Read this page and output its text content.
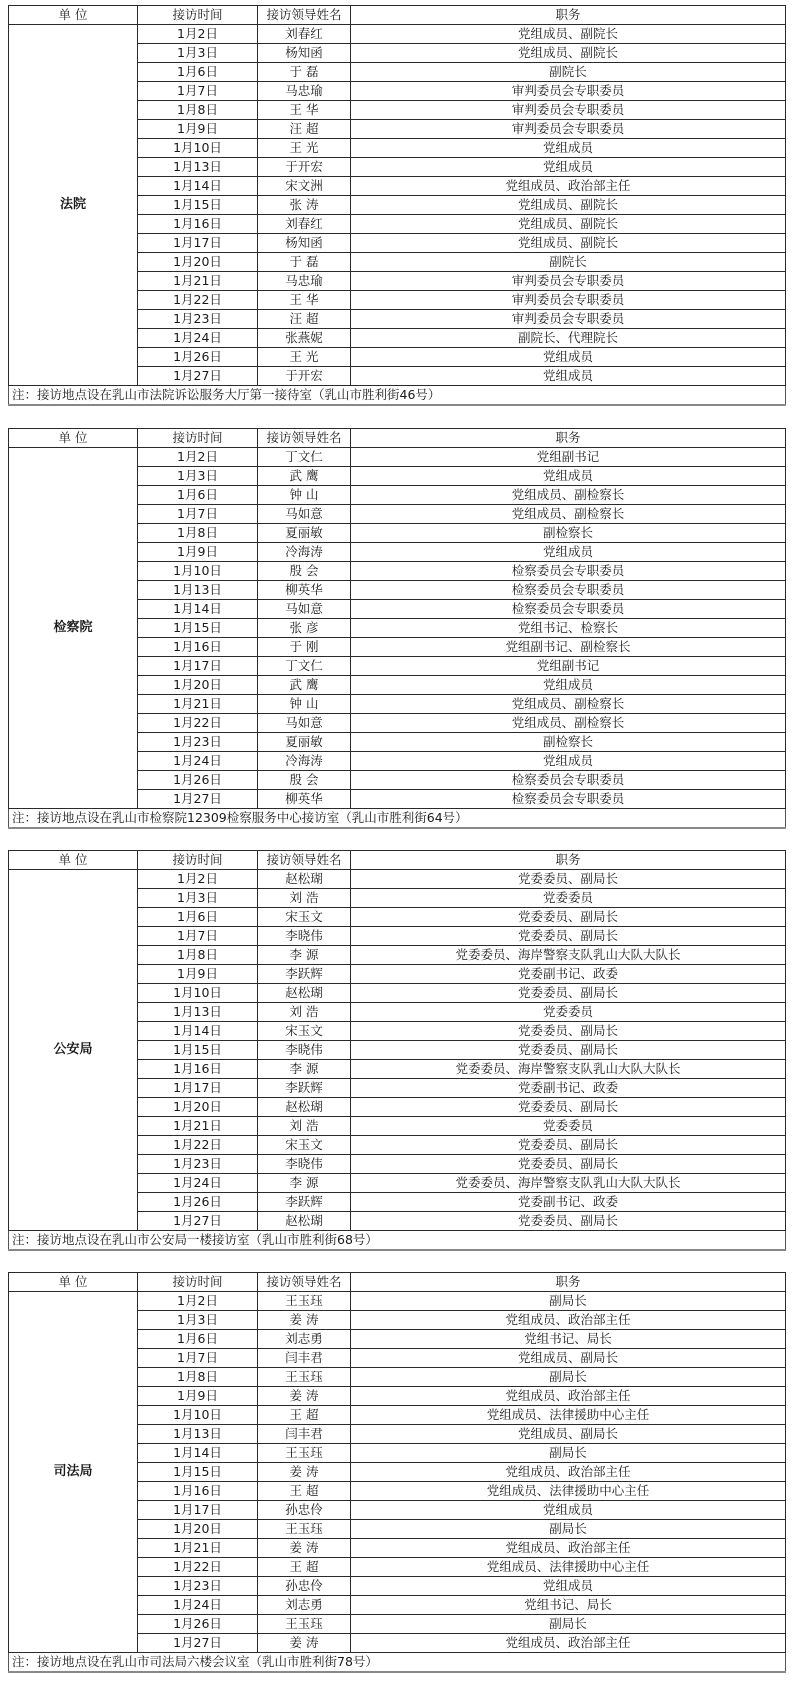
单 位	接访时间	接访领导姓名	职务
法院	1月2日	刘春红	党组成员、副院长
	1月3日	杨知函	党组成员、副院长
	1月6日	于 磊	副院长
	1月7日	马忠瑜	审判委员会专职委员
	1月8日	王 华	审判委员会专职委员
	1月9日	汪 超	审判委员会专职委员
	1月10日	王 光	党组成员
	1月13日	于开宏	党组成员
	1月14日	宋文洲	党组成员、政治部主任
	1月15日	张 涛	党组成员、副院长
	1月16日	刘春红	党组成员、副院长
	1月17日	杨知函	党组成员、副院长
	1月20日	于 磊	副院长
	1月21日	马忠瑜	审判委员会专职委员
	1月22日	王 华	审判委员会专职委员
	1月23日	汪 超	审判委员会专职委员
	1月24日	张燕妮	副院长、代理院长
	1月26日	王 光	党组成员
	1月27日	于开宏	党组成员
注：接访地点设在乳山市法院诉讼服务大厅第一接待室（乳山市胜利街46号）			
单 位	接访时间	接访领导姓名	职务
检察院	1月2日	丁文仁	党组副书记
	1月3日	武 鹰	党组成员
	1月6日	钟 山	党组成员、副检察长
	1月7日	马如意	党组成员、副检察长
	1月8日	夏丽敏	副检察长
	1月9日	冷海涛	党组成员
	1月10日	殷 会	检察委员会专职委员
	1月13日	柳英华	检察委员会专职委员
	1月14日	马如意	检察委员会专职委员
	1月15日	张 彦	党组书记、检察长
	1月16日	于 刚	党组副书记、副检察长
	1月17日	丁文仁	党组副书记
	1月20日	武 鹰	党组成员
	1月21日	钟 山	党组成员、副检察长
	1月22日	马如意	党组成员、副检察长
	1月23日	夏丽敏	副检察长
	1月24日	冷海涛	党组成员
	1月26日	殷 会	检察委员会专职委员
	1月27日	柳英华	检察委员会专职委员
注：接访地点设在乳山市检察院12309检察服务中心接访室（乳山市胜利街64号）			
单 位	接访时间	接访领导姓名	职务
公安局	1月2日	赵松瑚	党委委员、副局长
	1月3日	刘 浩	党委委员
	1月6日	宋玉文	党委委员、副局长
	1月7日	李晓伟	党委委员、副局长
	1月8日	李 源	党委委员、海岸警察支队乳山大队大队长
	1月9日	李跃辉	党委副书记、政委
	1月10日	赵松瑚	党委委员、副局长
	1月13日	刘 浩	党委委员
	1月14日	宋玉文	党委委员、副局长
	1月15日	李晓伟	党委委员、副局长
	1月16日	李 源	党委委员、海岸警察支队乳山大队大队长
	1月17日	李跃辉	党委副书记、政委
	1月20日	赵松瑚	党委委员、副局长
	1月21日	刘 浩	党委委员
	1月22日	宋玉文	党委委员、副局长
	1月23日	李晓伟	党委委员、副局长
	1月24日	李 源	党委委员、海岸警察支队乳山大队大队长
	1月26日	李跃辉	党委副书记、政委
	1月27日	赵松瑚	党委委员、副局长
注：接访地点设在乳山市公安局一楼接访室（乳山市胜利街68号）			
单 位	接访时间	接访领导姓名	职务
司法局	1月2日	王玉珏	副局长
	1月3日	姜 涛	党组成员、政治部主任
	1月6日	刘志勇	党组书记、局长
	1月7日	闫丰君	党组成员、副局长
	1月8日	王玉珏	副局长
	1月9日	姜 涛	党组成员、政治部主任
	1月10日	王 超	党组成员、法律援助中心主任
	1月13日	闫丰君	党组成员、副局长
	1月14日	王玉珏	副局长
	1月15日	姜 涛	党组成员、政治部主任
	1月16日	王 超	党组成员、法律援助中心主任
	1月17日	孙忠伶	党组成员
	1月20日	王玉珏	副局长
	1月21日	姜 涛	党组成员、政治部主任
	1月22日	王 超	党组成员、法律援助中心主任
	1月23日	孙忠伶	党组成员
	1月24日	刘志勇	党组书记、局长
	1月26日	王玉珏	副局长
	1月27日	姜 涛	党组成员、政治部主任
注：接访地点设在乳山市司法局六楼会议室（乳山市胜利街78号）			
